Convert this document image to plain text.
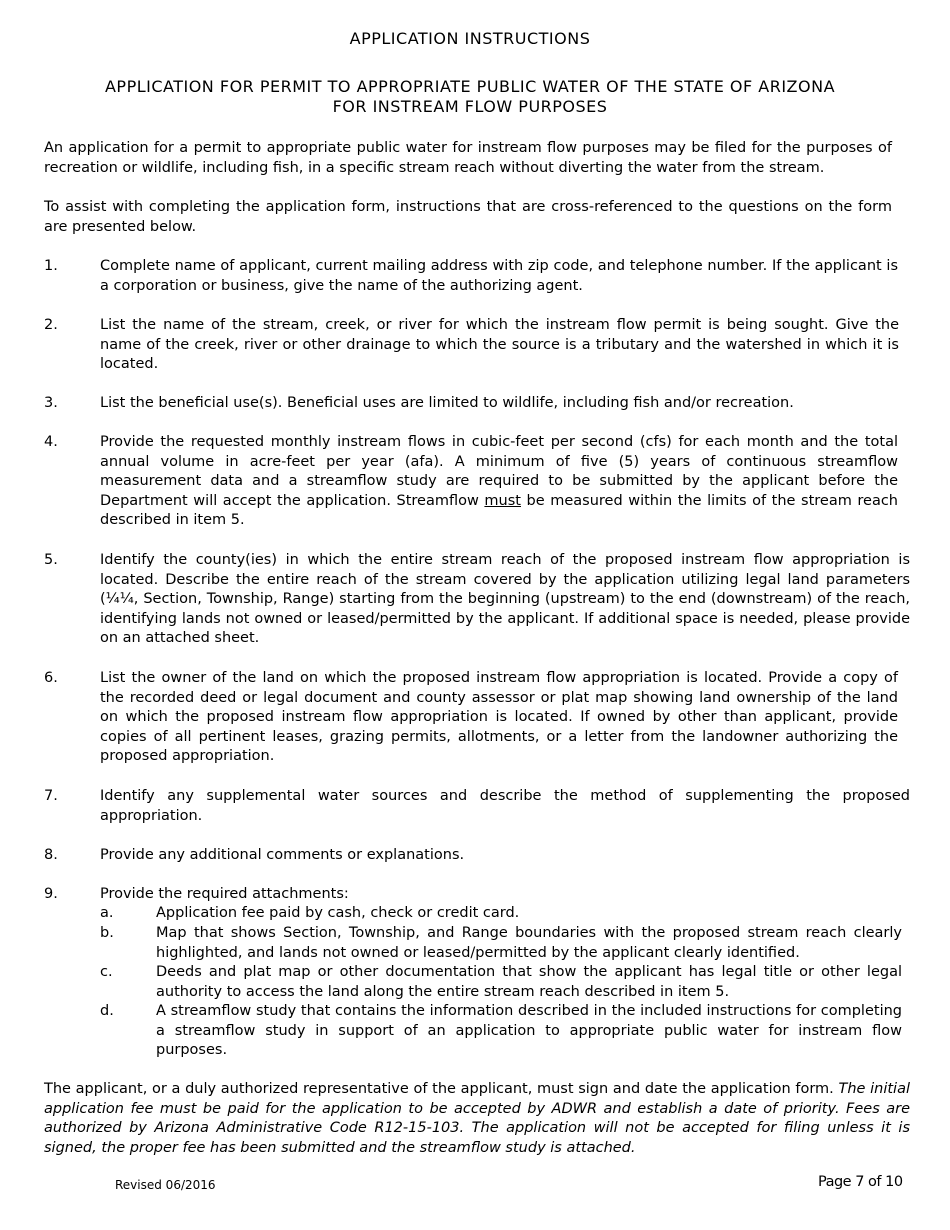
APPLICATION INSTRUCTIONS
APPLICATION FOR PERMIT TO APPROPRIATE PUBLIC WATER OF THE STATE OF ARIZONA
FOR INSTREAM FLOW PURPOSES
An application for a permit to appropriate public water for instream flow purposes may be filed for the purposes of recreation or wildlife, including fish, in a specific stream reach without diverting the water from the stream.
To assist with completing the application form, instructions that are cross-referenced to the questions on the form are presented below.
1.	Complete name of applicant, current mailing address with zip code, and telephone number. If the applicant is a corporation or business, give the name of the authorizing agent.
2.	List the name of the stream, creek, or river for which the instream flow permit is being sought. Give the name of the creek, river or other drainage to which the source is a tributary and the watershed in which it is located.
3.	List the beneficial use(s). Beneficial uses are limited to wildlife, including fish and/or recreation.
4.	Provide the requested monthly instream flows in cubic-feet per second (cfs) for each month and the total annual volume in acre-feet per year (afa). A minimum of five (5) years of continuous streamflow measurement data and a streamflow study are required to be submitted by the applicant before the Department will accept the application. Streamflow must be measured within the limits of the stream reach described in item 5.
5.	Identify the county(ies) in which the entire stream reach of the proposed instream flow appropriation is located. Describe the entire reach of the stream covered by the application utilizing legal land parameters (¼¼, Section, Township, Range) starting from the beginning (upstream) to the end (downstream) of the reach, identifying lands not owned or leased/permitted by the applicant. If additional space is needed, please provide on an attached sheet.
6.	List the owner of the land on which the proposed instream flow appropriation is located. Provide a copy of the recorded deed or legal document and county assessor or plat map showing land ownership of the land on which the proposed instream flow appropriation is located. If owned by other than applicant, provide copies of all pertinent leases, grazing permits, allotments, or a letter from the landowner authorizing the proposed appropriation.
7.	Identify any supplemental water sources and describe the method of supplementing the proposed appropriation.
8.	Provide any additional comments or explanations.
9.	Provide the required attachments:
a.	Application fee paid by cash, check or credit card.
b.	Map that shows Section, Township, and Range boundaries with the proposed stream reach clearly highlighted, and lands not owned or leased/permitted by the applicant clearly identified.
c.	Deeds and plat map or other documentation that show the applicant has legal title or other legal authority to access the land along the entire stream reach described in item 5.
d.	A streamflow study that contains the information described in the included instructions for completing a streamflow study in support of an application to appropriate public water for instream flow purposes.
The applicant, or a duly authorized representative of the applicant, must sign and date the application form. The initial application fee must be paid for the application to be accepted by ADWR and establish a date of priority. Fees are authorized by Arizona Administrative Code R12-15-103. The application will not be accepted for filing unless it is signed, the proper fee has been submitted and the streamflow study is attached.
Revised 06/2016	Page 7 of 10
